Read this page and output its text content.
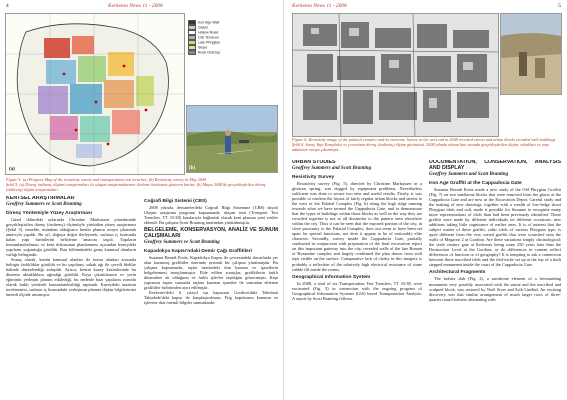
4	Kerkenes News 11 - 2008
(a)
Iron Age Wall
Glacis
Hollow Road
Cist Terraces
Late Phrygian
Slope
Rock Outcrop
(b)
Figure 5: (a) Progress Map of the resistivity survey and transportation test trenches; (b) Resistivity survey in May 2008
Şekil 5. (a) Direnç özdirenç ölçümü araştırmaları ile ulaşım araştırmalarının ilerleme haritasını gösteren harita; (b) Mayıs 2008'de gerçekleştirilen direnç (özdirenç) ölçüm araştırmaları
KENTSEL ARAŞTIRMALAR
Geoffrey Summers ve Scott Branting
Direnç Yöntemiyle Yüzey Araştırması

Güzel iklimdeki aylarında Christine Markussen yönetiminde gerçekleştirilen direnç (özdirenç) ölçümüyle yürütülen yüzey araştırması (Şekil 5), temelde, mümkün olduğunca kentin planını ortaya çıkarmak amacıyla yapıldı. Bu yıl, doğuya doğru ilerleyerek, surların iç kısmında kalan yapı birimlerini belirleme amacını taşıdı. Yapıların konumlandırılması ve kent dokusunun planlanması açısından kuzeydeki yapıların yoğunluğu görüldü. Batı bölümündeki geniş kamusal alanların varlığı belirgindir.

Sonuç olarak, kentin kamusal alanları ile konut alanları arasında belirgin farklılıklar görüldü ve bu yapıların, sokak ağı ile çevrili bloklar halinde düzenlendiği anlaşıldı. Ayrıca, kentin kuzey kesimlerinde bu düzenin aksaklıklara uğradığı görüldü. Kaya çıkıntılarının ve yerin eğiminin yerleşim planını etkilediği, bu nedenle bazı yapıların zorunlu olarak farklı yönlerde konumlandırıldığı saptandı. Kuzeydeki arazinin incelenmesi, surların iç kısmındaki yerleşimin planına ilişkin bilgilerimizi önemli ölçüde artırmıştır.

Coğrafi Bilgi Sistemi (CBS)

2008 yılında, dersanelerdeki Coğrafi Bilgi Sistemine (CBS) dayalı Ulaşım araştırma programı kapsamında, ulaşım testi (Transport Test Trenches, TT 33-38) kazılarıyla bağlantılı olarak kent planına yeni veriler eklendi. Bu çalışma Scott Branting tarafından yürütülmüştür.

BELGELEME, KONSERVASYON, ANALİZ VE SUNUM ÇALIŞMALARI
Geoffrey Summers ve Scott Branting
Kapadokya Kapısı'ndaki Demir Çağı Graffitileri

Susanne Berndt Ersöz, Kapadokya Kapısı ile çevresindeki duvarlarda yer alan kazınmış graffitiler üzerinde ayrıntılı bir çalışma yürütmüştür. Bu çalışma kapsamında, taşlar üzerindeki tüm kazıma ve işaretlerin belgelenmesi amaçlanmıştır. Elde edilen sonuçlar, graffitilerin farklı dönemlere ait olduğunu ve farklı işlevler taşıdığını göstermiştir. Kapı yapısının inşası sırasında taşlara kazınan işaretler ile sonradan eklenen graffitiler birbirinden ayırt edilmiştir.

Kerkenes'deki 6. yüzyıl sur kapısının Gordion'daki Tahtebati Tahtakale'deki kapısı ile karşılaştırılması, Frig kapılarının konumu ve işlevine dair önemli bilgiler sunmaktadır.

Kerkenes News 11 - 2008	5
Figure 6: Resistivity image of the palatial complex and its environs. Survey at the west end in 2008 revealed streets and urban blocks crowded with buildings
Şekil 6. Saray Yapı Kompleksi ve çevresinin direnç (özdirenç) ölçüm görüntüsü. 2008 yılında alanın batı ucunda gerçekleştirilen ölçüm, sokakları ve yapı adalarını ortaya çıkarmıştır
URBAN STUDIES
Geoffrey Summers and Scott Branting
Resistivity Survey

Resistivity survey (Fig. 5), directed by Christine Markussen in a glorious spring, was dogged by equipment problems. Nevertheless sufficient was done to secure two new and useful results. Firstly, it was possible to confirm the layout of fairly regular urban blocks and streets to the west of the Palatial Complex (Fig. 6) along the high ridge running towards what we have termed the Cappadocia Gate, and to demonstrate that the types of buildings within those blocks as well as the way they are crowded together is not at all dissimilar to the pattern seen elsewhere within the city. Thus it can be seen that the exposed portion of the city, in close proximity to the Palatial Complex, does not seem to have been set apart for special functions, nor does it appear to be of noticeably elite character. Secondly, survey inside the Cappadocia Gate, partially conducted in conjunction with preparation of the final excavation report on this important gateway into the city, revealed walls of the late Roman or Byzantine complex and largely confirmed the plan drawn from wall tops visible on the surface. Comparative lack of clarity in this imagery is probably a reflection of the relatively high electrical resistance of stone rubble fill inside the rooms.

Geographical Information System

In 2008, a total of six Transportation Test Trenches, TT 33-38, were excavated (Fig. 5) in connection with the ongoing program of Geographical Information Systems (GIS) based Transportation Analysis. A report by Scott Branting follows.

DOCUMENTATION, CONSERVATION, ANALYSIS AND DISPLAY
Geoffrey Summers and Scott Branting
Iron Age Graffiti at the Cappadocia Gate

Susanne Berndt Ersöz made a new study of the Old Phrygian Graffiti (Fig. 7) on two sandstone blocks that were removed from the glacis at the Cappadocia Gate and are now in the Excavation Depot. Careful study and the making of new drawings, together with a wealth of low-ledge shoot Phrygian idols and cult, made it possible for Susanne to recognise many more representations of idols than had been previously identified. These graffiti were made by different individuals on different occasions, new additions taking little cognisance of earlier ones. It is of interest that the subject matter of these graffiti, cultic idols of various Phrygian type, is quite different from the very varied graffiti that were scratched onto the walls of Megaron 2 at Gordion. Are these variations simply chronological; the sixth century gate at Kerkenes being some 250 years later than the Destruction Level at the Gordion, or do differences in content reflect differences of function or of geography? It is tempting to ask a connection between these inscribed idols and the idol-niche set up at the top of a built stepped monument inside the court of the Cappadocia Gate.

Architectural Fragments

The bolster slab (Fig. 2), a sandstone element of a freestanding monument very possibly associated with the statue and the inscribed and sculpted block, was restored by Noël Siver and Erik Lindhal. An exciting discovery was that similar arrangement of much larger rows of three-quarter round bolsters alternating with
